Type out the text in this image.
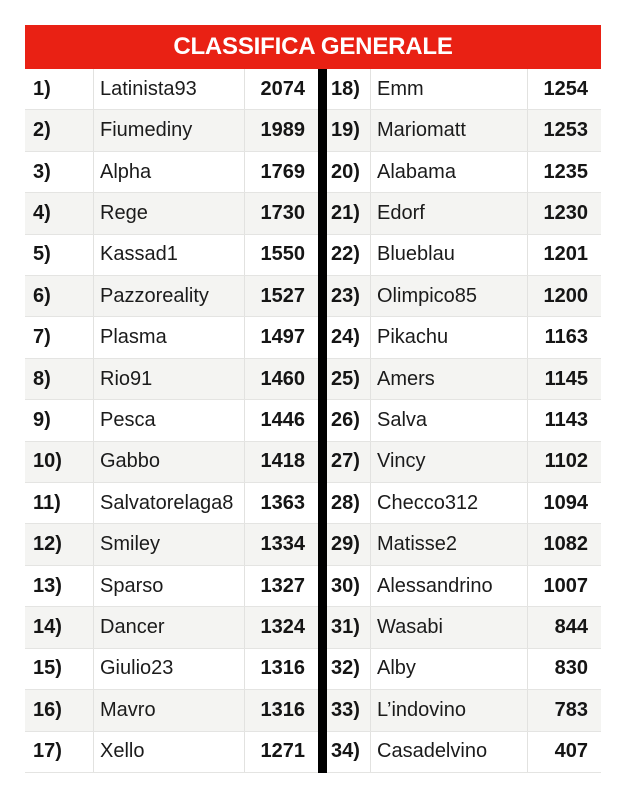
CLASSIFICA GENERALE
1)	Latinista93	2074
2)	Fiumediny	1989
3)	Alpha	1769
4)	Rege	1730
5)	Kassad1	1550
6)	Pazzoreality	1527
7)	Plasma	1497
8)	Rio91	1460
9)	Pesca	1446
10)	Gabbo	1418
11)	Salvatorelaga8	1363
12)	Smiley	1334
13)	Sparso	1327
14)	Dancer	1324
15)	Giulio23	1316
16)	Mavro	1316
17)	Xello	1271
18) Emm	1254
19) Mariomatt	1253
20) Alabama	1235
21) Edorf	1230
22) Blueblau	1201
23) Olimpico85	1200
24) Pikachu	1163
25) Amers	1145
26) Salva	1143
27) Vincy	1102
28) Checco312	1094
29) Matisse2	1082
30) Alessandrino	1007
31) Wasabi	844
32) Alby	830
33) L’indovino	783
34) Casadelvino	407
